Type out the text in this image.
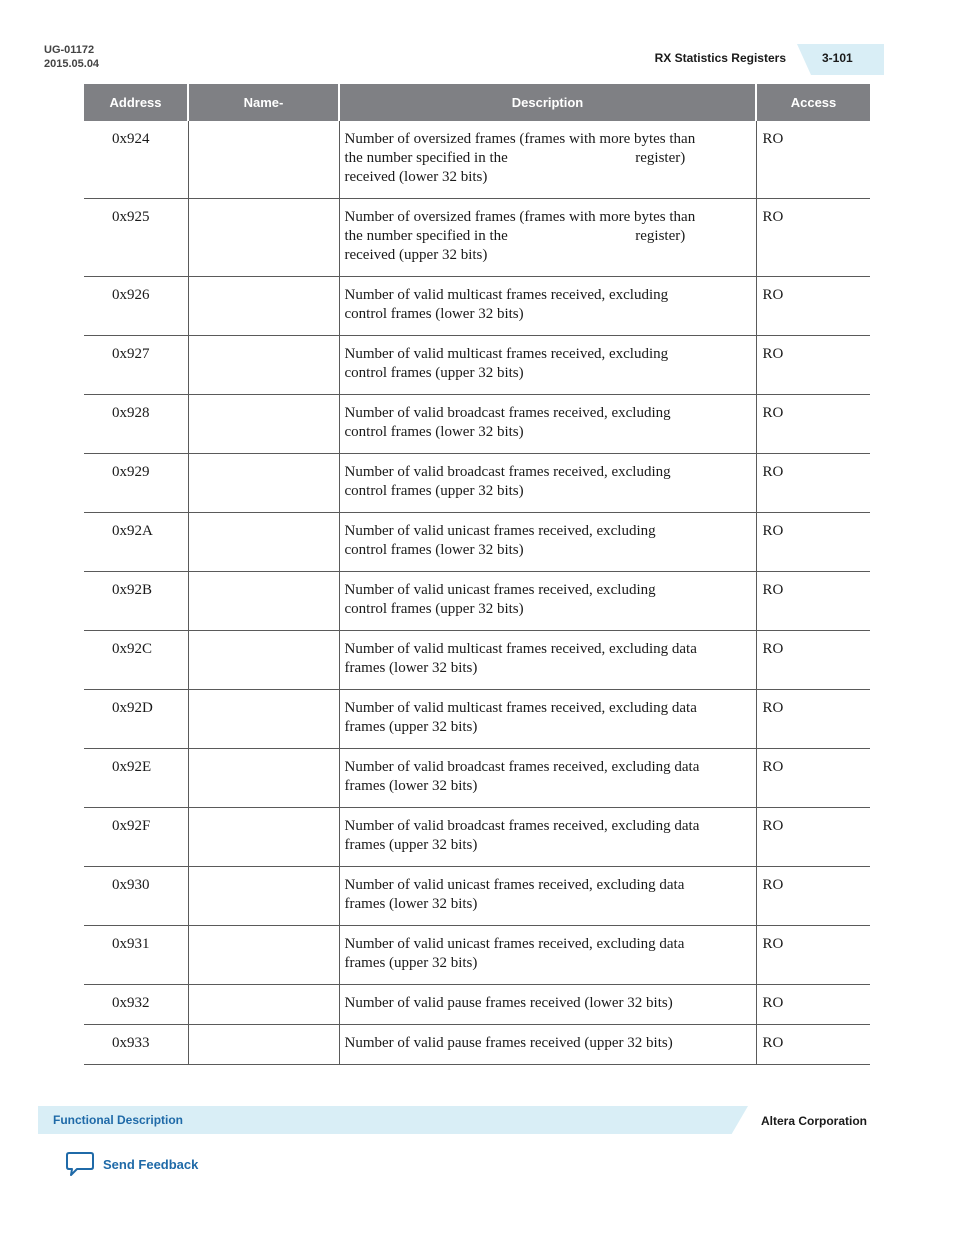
UG-01172
2015.05.04	RX Statistics Registers	3-101
Address	Name-	Description	Access

0x924		Number of oversized frames (frames with more bytes than
the number specified in the                                  register)
received (lower 32 bits)	RO

0x925		Number of oversized frames (frames with more bytes than
the number specified in the                                  register)
received (upper 32 bits)	RO

0x926		Number of valid multicast frames received, excluding
control frames (lower 32 bits)	RO

0x927		Number of valid multicast frames received, excluding
control frames (upper 32 bits)	RO

0x928		Number of valid broadcast frames received, excluding
control frames (lower 32 bits)	RO

0x929		Number of valid broadcast frames received, excluding
control frames (upper 32 bits)	RO

0x92A		Number of valid unicast frames received, excluding
control frames (lower 32 bits)	RO

0x92B		Number of valid unicast frames received, excluding
control frames (upper 32 bits)	RO

0x92C		Number of valid multicast frames received, excluding data
frames (lower 32 bits)	RO

0x92D		Number of valid multicast frames received, excluding data
frames (upper 32 bits)	RO

0x92E		Number of valid broadcast frames received, excluding data
frames (lower 32 bits)	RO

0x92F		Number of valid broadcast frames received, excluding data
frames (upper 32 bits)	RO

0x930		Number of valid unicast frames received, excluding data
frames (lower 32 bits)	RO

0x931		Number of valid unicast frames received, excluding data
frames (upper 32 bits)	RO

0x932		Number of valid pause frames received (lower 32 bits)	RO

0x933		Number of valid pause frames received (upper 32 bits)	RO
Functional Description	Altera Corporation
Send Feedback
